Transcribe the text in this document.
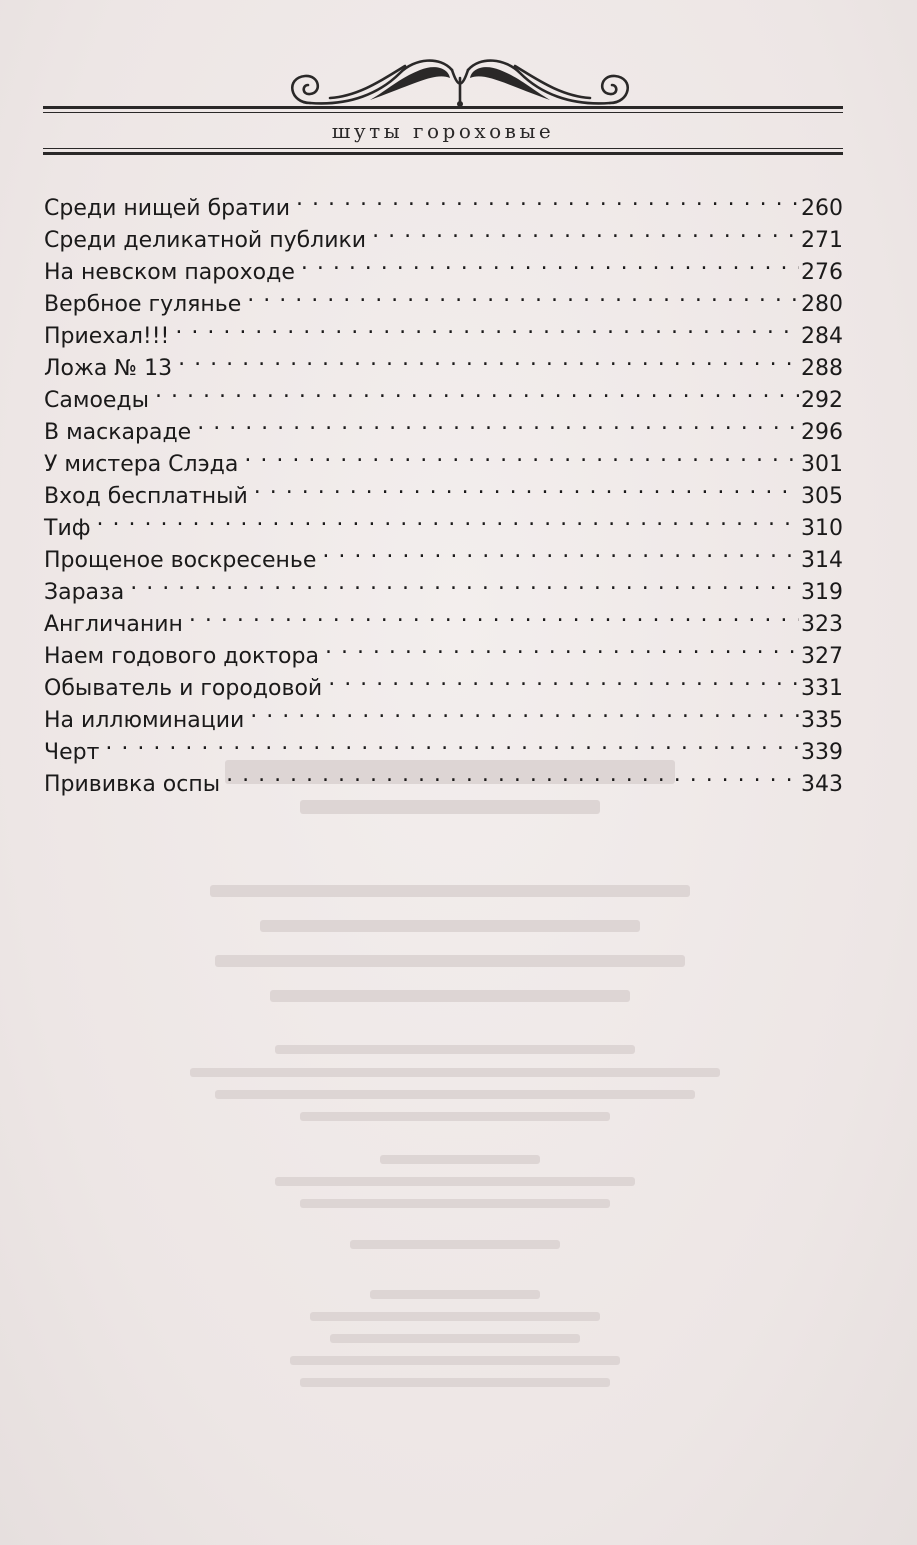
шуты гороховые
Среди нищей братии . . .	260
Среди деликатной публики . . .	271
На невском пароходе . . .	276
Вербное гулянье . . .	280
Приехал!!! . . .	284
Ложа № 13 . . .	288
Самоеды . . .	292
В маскараде . . .	296
У мистера Слэда . . .	301
Вход бесплатный . . .	305
Тиф . . .	310
Прощеное воскресенье . . .	314
Зараза . . .	319
Англичанин . . .	323
Наем годового доктора . . .	327
Обыватель и городовой . . .	331
На иллюминации . . .	335
Черт . . .	339
Прививка оспы . . .	343
